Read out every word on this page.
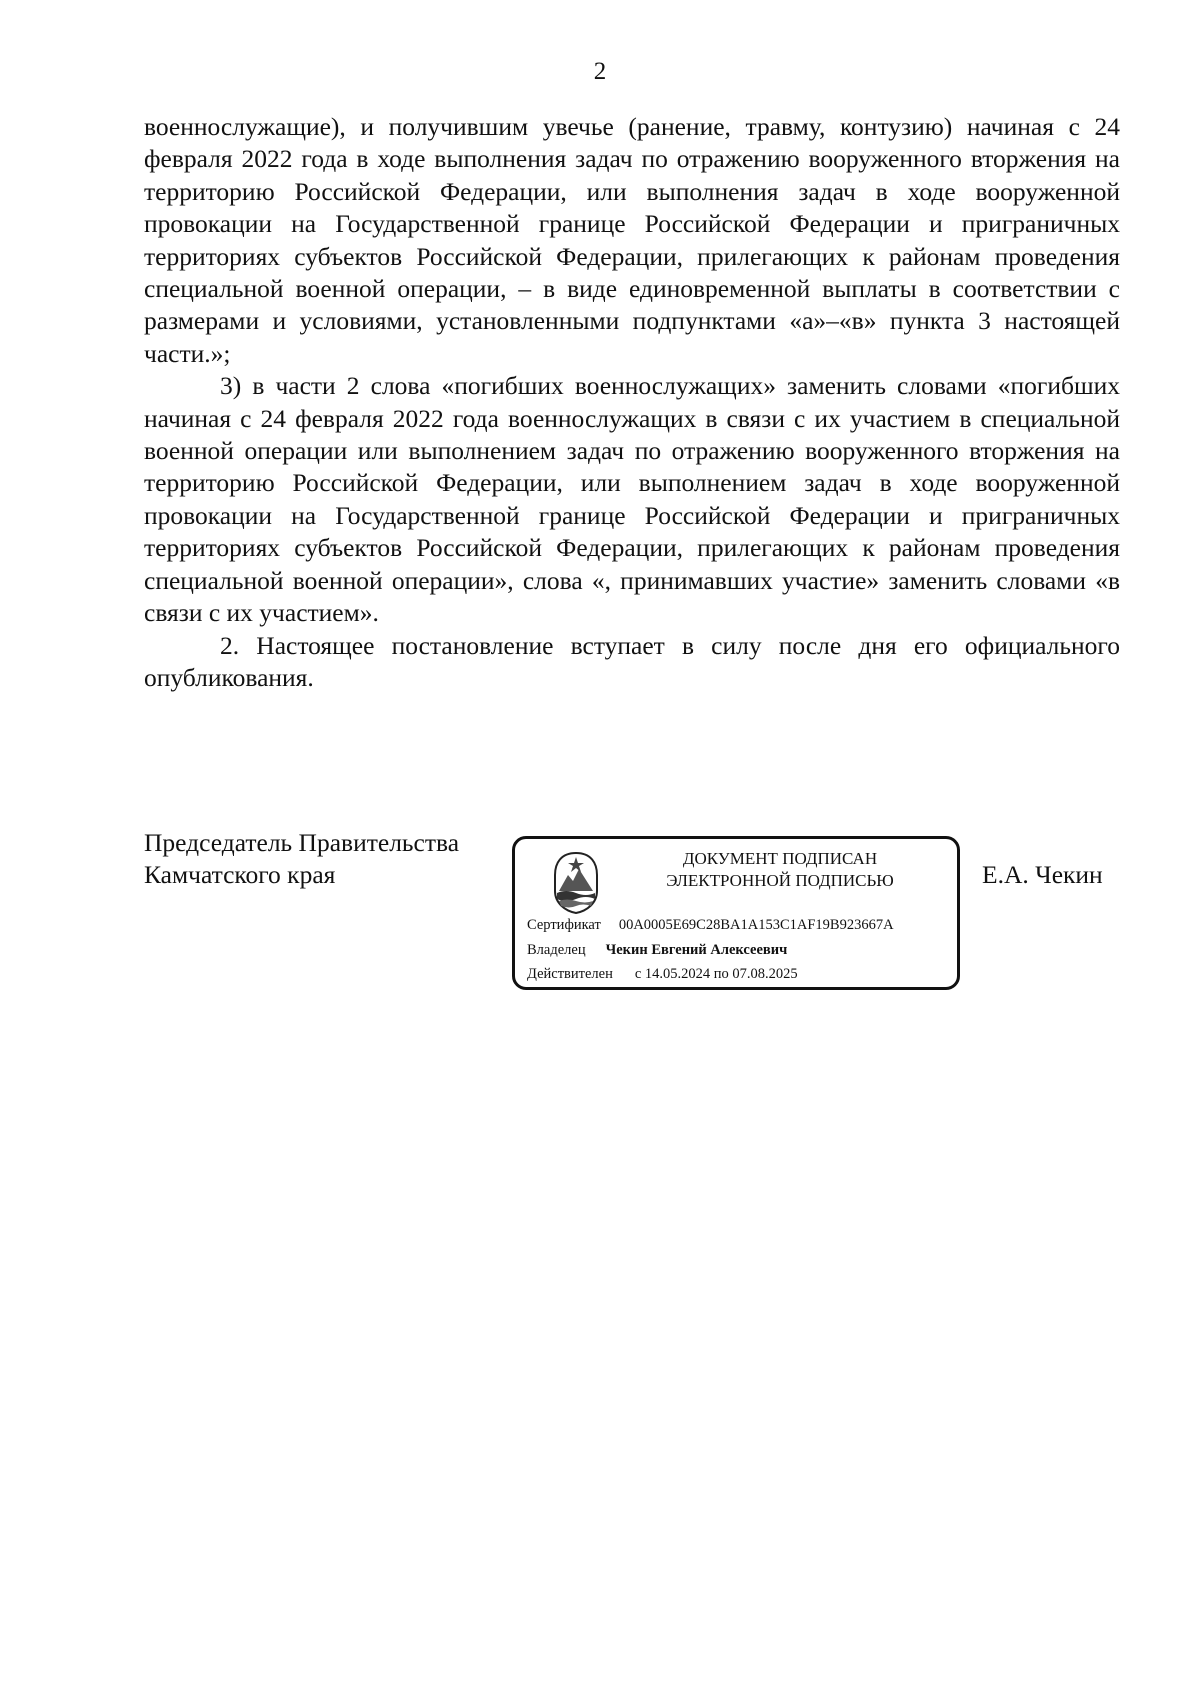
2

военнослужащие), и получившим увечье (ранение, травму, контузию) начиная с 24 февраля 2022 года в ходе выполнения задач по отражению вооруженного вторжения на территорию Российской Федерации, или выполнения задач в ходе вооруженной провокации на Государственной границе Российской Федерации и приграничных территориях субъектов Российской Федерации, прилегающих к районам проведения специальной военной операции, – в виде единовременной выплаты в соответствии с размерами и условиями, установленными подпунктами «а»–«в» пункта 3 настоящей части.»;

3) в части 2 слова «погибших военнослужащих» заменить словами «погибших начиная с 24 февраля 2022 года военнослужащих в связи с их участием в специальной военной операции или выполнением задач по отражению вооруженного вторжения на территорию Российской Федерации, или выполнением задач в ходе вооруженной провокации на Государственной границе Российской Федерации и приграничных территориях субъектов Российской Федерации, прилегающих к районам проведения специальной военной операции», слова «, принимавших участие» заменить словами «в связи с их участием».

2. Настоящее постановление вступает в силу после дня его официального опубликования.

Председатель Правительства
Камчатского края
ДОКУМЕНТ ПОДПИСАН
ЭЛЕКТРОННОЙ ПОДПИСЬЮ
Сертификат 00A0005E69C28BA1A153C1AF19B923667A
Владелец Чекин Евгений Алексеевич
Действителен с 14.05.2024 по 07.08.2025
Е.А. Чекин
